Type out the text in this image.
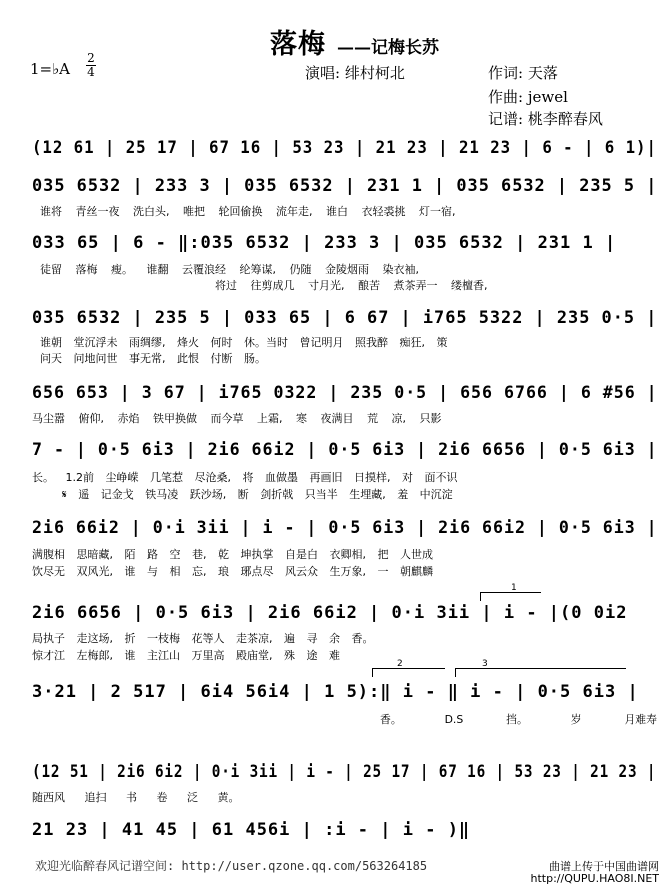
落梅 ——记梅长苏
1=♭A
2
4	演唱: 绯村柯北	作词: 天落
作曲: jewel
记谱: 桃李醉春风
(12 61 | 25 17 | 67 16 | 53 23 | 21 23 | 21 23 | 6 - | 6 1)|
035 6532 | 233 3 | 035 6532 | 231 1 | 035 6532 | 235 5 |
谁将 青丝一夜 洗白头, 唯把 轮回偷换 流年走, 谁白 衣轻裘挑 灯一宿,
033 65 | 6 - ‖:035 6532 | 233 3 | 035 6532 | 231 1 |
徒留 落梅 瘦。 谁翻 云覆浪经 纶筹谋, 仍随 金陵烟雨 染衣袖,
将过 往剪成几 寸月光, 酿苦 煮茶弄一 缕檀香,
035 6532 | 235 5 | 033 65 | 6 67 | i765 5322 | 235 0·5 |
谁朝 堂沉浮未 雨绸缪, 烽火 何时 休。当时 曾记明月 照我醉 痴狂, 策
问天 问地问世 事无常, 此恨 付断 肠。
656 653 | 3 67 | i765 0322 | 235 0·5 | 656 6766 | 6 #56 |
马尘嚣 俯仰, 赤焰 铁甲换做 而今草 上霜, 寒 夜满目 荒 凉, 只影
7 - | 0·5 6i3 | 2i6 66i2 | 0·5 6i3 | 2i6 6656 | 0·5 6i3 |
长。 1.2前 尘峥嵘 几笔惹 尽沧桑, 将 血做墨 再画旧 日摸样, 对 面不识
𝄋 遥 记金戈 铁马凌 跃沙场, 断 剑折戟 只当半 生埋藏, 羞 中沉淀
2i6 66i2 | 0·i 3ii | i - | 0·5 6i3 | 2i6 66i2 | 0·5 6i3 |
满腹相 思暗藏, 陌 路 空 巷, 乾 坤执掌 自是白 衣卿相, 把 人世成
饮尽无 双风光, 谁 与 相 忘, 琅 琊点尽 风云众 生万象, 一 朝麒麟
1
2i6 6656 | 0·5 6i3 | 2i6 66i2 | 0·i 3ii | i - |(0 0i2
局执子 走这场, 折 一枝梅 花等人 走茶凉, 遍 寻 余 香。
惊才江 左梅郎, 谁 主江山 万里高 殿庙堂, 殊 途 难
2	3
3·21 | 2 517 | 6i4 56i4 | 1 5):‖ i - ‖ i - | 0·5 6i3 |
香。 D.S 挡。 岁 月难寿
(12 51 | 2i6 6i2 | 0·i 3ii | i - | 25 17 | 67 16 | 53 23 | 21 23 |
随西风 追扫 书 卷 泛 黄。
21 23 | 41 45 | 61 456i | :i - | i - )‖
欢迎光临醉春风记谱空间: http://user.qzone.qq.com/563264185	曲谱上传于中国曲谱网
http://QUPU.HAO8I.NET
